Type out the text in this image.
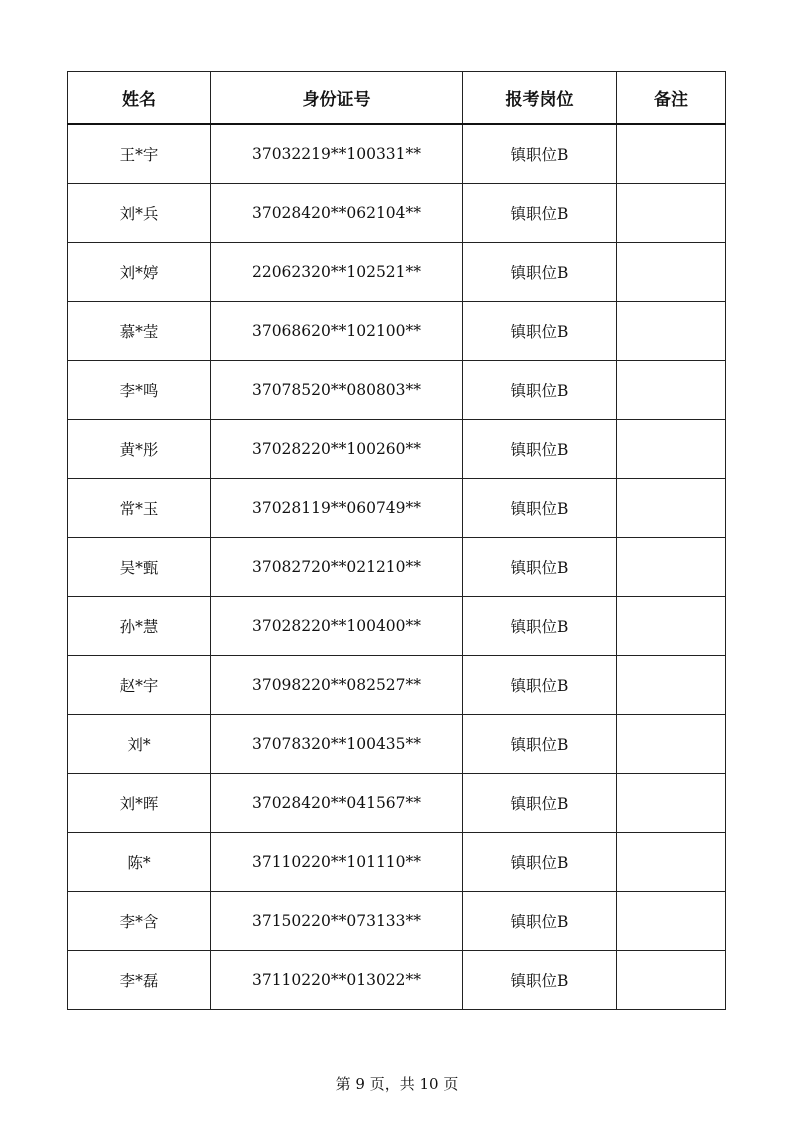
姓名	身份证号	报考岗位	备注
王*宇	37032219**100331**	镇职位B	
刘*兵	37028420**062104**	镇职位B	
刘*婷	22062320**102521**	镇职位B	
慕*莹	37068620**102100**	镇职位B	
李*鸣	37078520**080803**	镇职位B	
黄*彤	37028220**100260**	镇职位B	
常*玉	37028119**060749**	镇职位B	
吴*甄	37082720**021210**	镇职位B	
孙*慧	37028220**100400**	镇职位B	
赵*宇	37098220**082527**	镇职位B	
刘*	37078320**100435**	镇职位B	
刘*晖	37028420**041567**	镇职位B	
陈*	37110220**101110**	镇职位B	
李*含	37150220**073133**	镇职位B	
李*磊	37110220**013022**	镇职位B	
第 9 页，共 10 页
